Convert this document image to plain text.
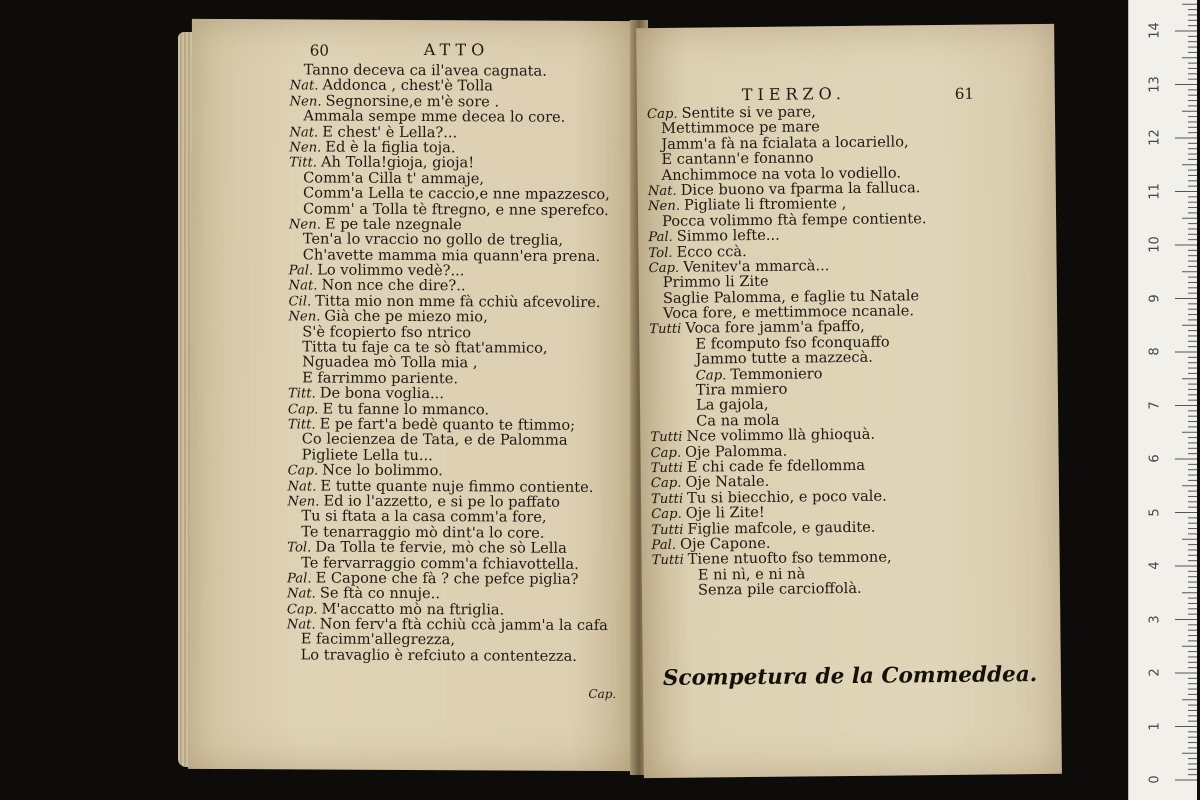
60	ATTO
Tanno deceva ca il'avea cagnata.
Nat. Addonca , chest'è Tolla
Nen. Segnorsine,e m'è sore .
Ammala sempe mme decea lo core.
Nat. E chest' è Lella?...
Nen. Ed è la figlia toja.
Titt. Ah Tolla!gioja, gioja!
Comm'a Cilla t' ammaje,
Comm'a Lella te caccio,e nne mpazzesco,
Comm' a Tolla tè ftregno, e nne sperefco.
Nen. E pe tale nzegnale
Ten'a lo vraccio no gollo de treglia,
Ch'avette mamma mia quann'era prena.
Pal. Lo volimmo vedè?...
Nat. Non nce che dire?..
Cil. Titta mio non mme fà cchiù afcevolire.
Nen. Già che pe miezo mio,
S'è fcopierto fso ntrico
Titta tu faje ca te sò ftat'ammico,
Nguadea mò Tolla mia ,
E farrimmo pariente.
Titt. De bona voglia...
Cap. E tu fanne lo mmanco.
Titt. E pe fart'a bedè quanto te ftimmo;
Co lecienzea de Tata, e de Palomma
Pigliete Lella tu...
Cap. Nce lo bolimmo.
Nat. E tutte quante nuje fimmo contiente.
Nen. Ed io l'azzetto, e si pe lo paffato
Tu si ftata a la casa comm'a fore,
Te tenarraggio mò dint'a lo core.
Tol. Da Tolla te fervie, mò che sò Lella
Te fervarraggio comm'a fchiavottella.
Pal. E Capone che fà ? che pefce piglia?
Nat. Se ftà co nnuje..
Cap. M'accatto mò na ftriglia.
Nat. Non ferv'a ftà cchiù ccà jamm'a la cafa
E facimm'allegrezza,
Lo travaglio è refciuto a contentezza.
Cap.
TIERZO.	61
Cap. Sentite si ve pare,
Mettimmoce pe mare
Jamm'a fà na fcialata a locariello,
E cantann'e fonanno
Anchimmoce na vota lo vodiello.
Nat. Dice buono va fparma la falluca.
Nen. Pigliate li ftromiente ,
Pocca volimmo ftà fempe contiente.
Pal. Simmo lefte...
Tol. Ecco ccà.
Cap. Venitev'a mmarcà...
Primmo li Zite
Saglie Palomma, e faglie tu Natale
Voca fore, e mettimmoce ncanale.
Tutti Voca fore jamm'a fpaffo,
E fcomputo fso fconquaffo
Jammo tutte a mazzecà.
Cap. Temmoniero
Tira mmiero
La gajola,
Ca na mola
Tutti Nce volimmo llà ghioquà.
Cap. Oje Palomma.
Tutti E chi cade fe fdellomma
Cap. Oje Natale.
Tutti Tu si biecchio, e poco vale.
Cap. Oje li Zite!
Tutti Figlie mafcole, e gaudite.
Pal. Oje Capone.
Tutti Tiene ntuofto fso temmone,
E ni nì, e ni nà
Senza pile carcioffolà.
Scompetura de la Commeddea.
0
1
2
3
4
5
6
7
8
9
10
11
12
13
14
